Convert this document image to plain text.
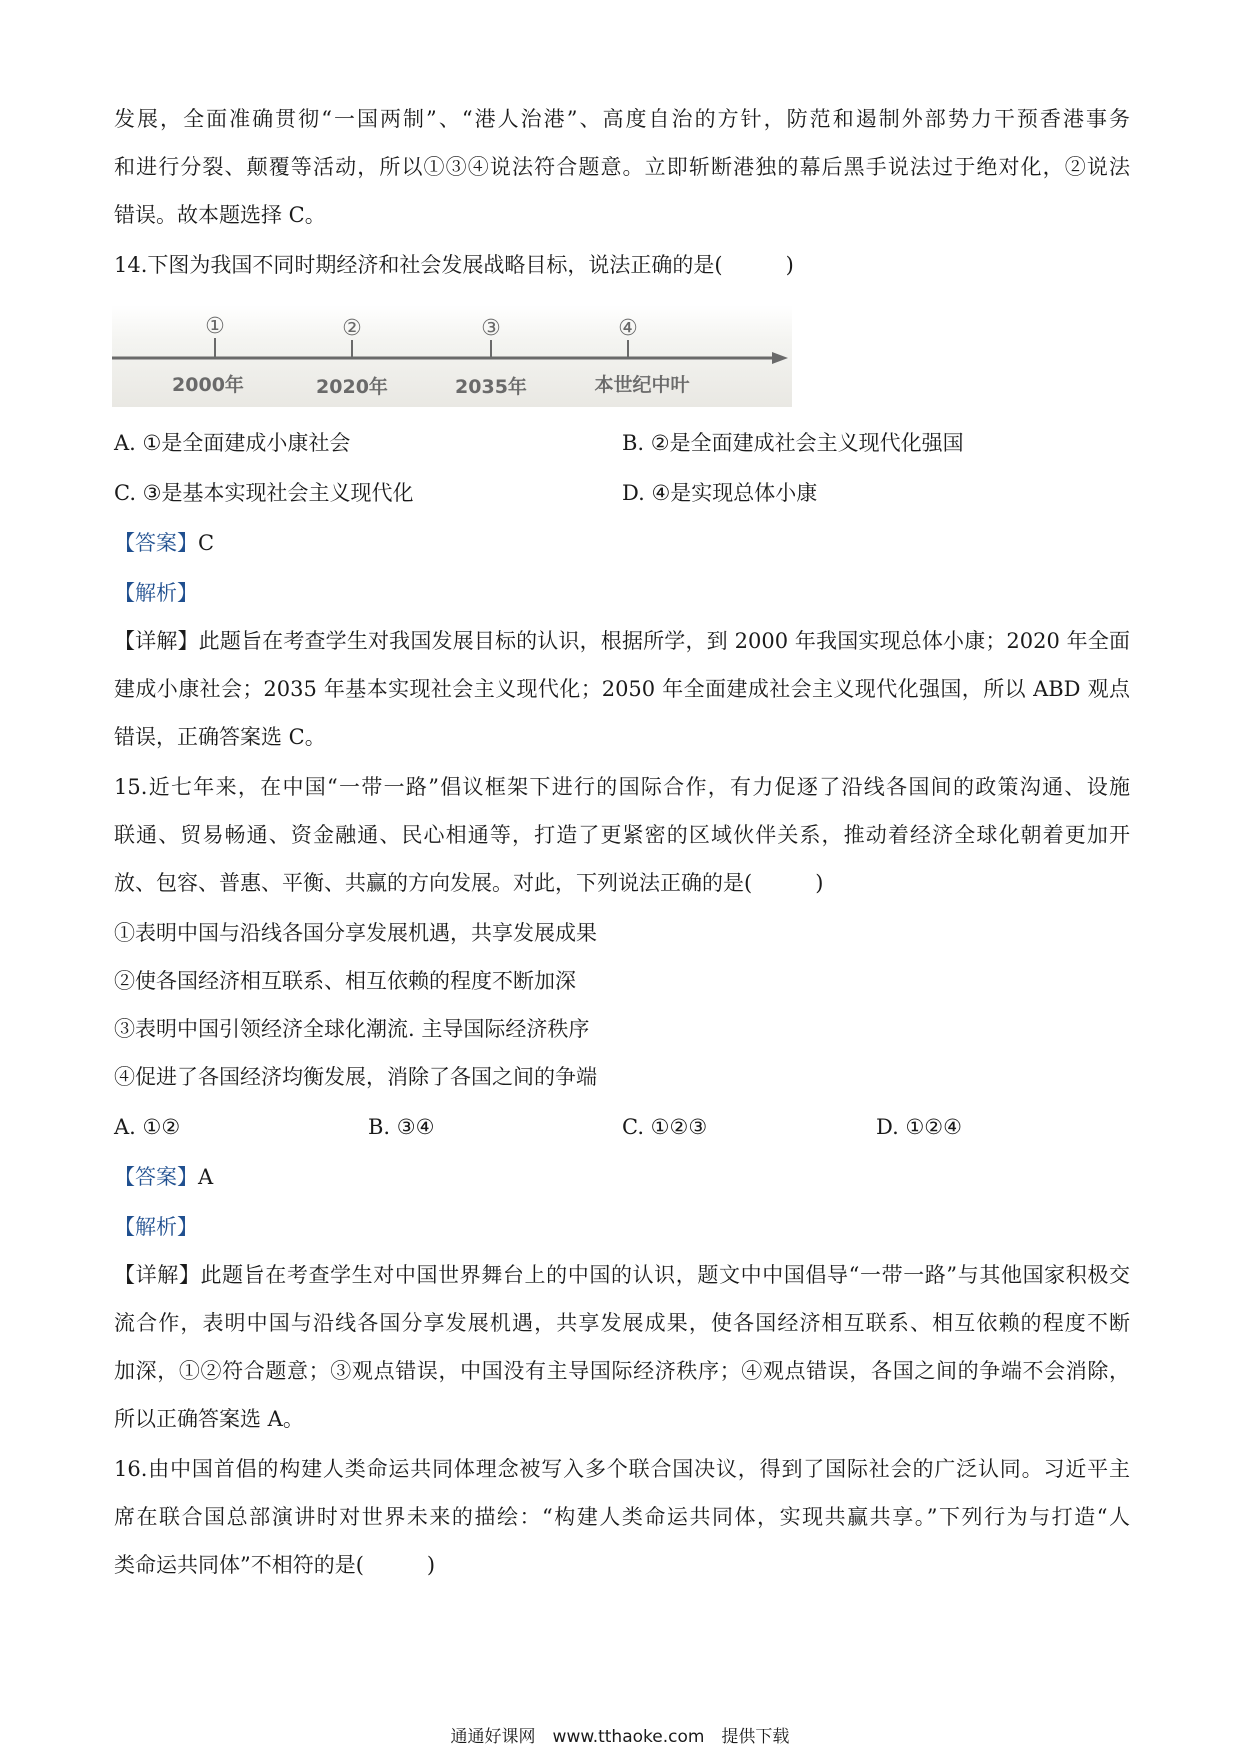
发展，全面准确贯彻“一国两制”、“港人治港”、高度自治的方针，防范和遏制外部势力干预香港事务
和进行分裂、颠覆等活动，所以①③④说法符合题意。立即斩断港独的幕后黑手说法过于绝对化，②说法
错误。故本题选择 C。
14.下图为我国不同时期经济和社会发展战略目标，说法正确的是(　　　)
①	②	③	④
2000年	2020年	2035年	本世纪中叶
A. ①是全面建成小康社会	B. ②是全面建成社会主义现代化强国
C. ③是基本实现社会主义现代化	D. ④是实现总体小康
【答案】C
【解析】
【详解】此题旨在考查学生对我国发展目标的认识，根据所学，到 2000 年我国实现总体小康；2020 年全面
建成小康社会；2035 年基本实现社会主义现代化；2050 年全面建成社会主义现代化强国，所以 ABD 观点
错误，正确答案选 C。
15.近七年来，在中国“一带一路”倡议框架下进行的国际合作，有力促逐了沿线各国间的政策沟通、设施
联通、贸易畅通、资金融通、民心相通等，打造了更紧密的区域伙伴关系，推动着经济全球化朝着更加开
放、包容、普惠、平衡、共赢的方向发展。对此，下列说法正确的是(　　　)
①表明中国与沿线各国分享发展机遇，共享发展成果
②使各国经济相互联系、相互依赖的程度不断加深
③表明中国引领经济全球化潮流. 主导国际经济秩序
④促进了各国经济均衡发展，消除了各国之间的争端
A. ①②	B. ③④	C. ①②③	D. ①②④
【答案】A
【解析】
【详解】此题旨在考查学生对中国世界舞台上的中国的认识，题文中中国倡导“一带一路”与其他国家积极交
流合作，表明中国与沿线各国分享发展机遇，共享发展成果，使各国经济相互联系、相互依赖的程度不断
加深，①②符合题意；③观点错误，中国没有主导国际经济秩序；④观点错误，各国之间的争端不会消除，
所以正确答案选 A。
16.由中国首倡的构建人类命运共同体理念被写入多个联合国决议，得到了国际社会的广泛认同。习近平主
席在联合国总部演讲时对世界未来的描绘：“构建人类命运共同体，实现共赢共享。”下列行为与打造“人
类命运共同体”不相符的是(　　　)
通通好课网　www.tthaoke.com　提供下载
